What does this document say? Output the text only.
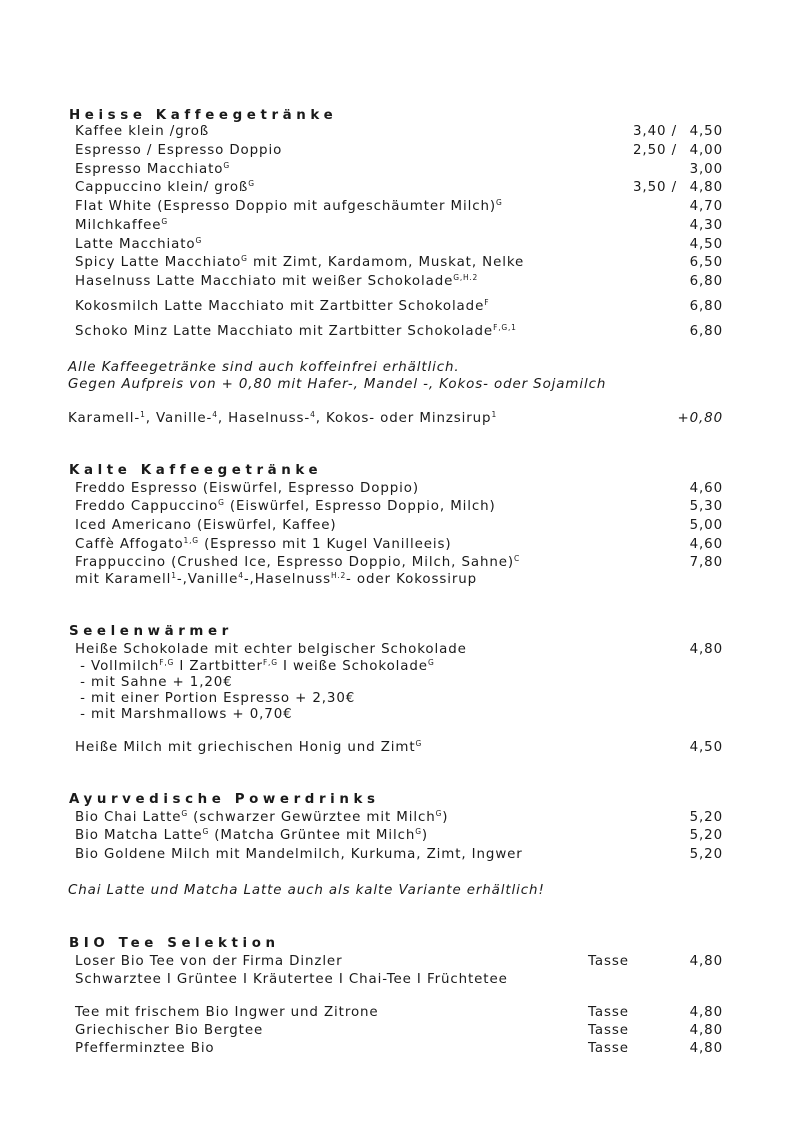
Heisse Kaffeegetränke
Kaffee klein /groß	3,40 / 4,50
Espresso / Espresso Doppio	2,50 / 4,00
Espresso Macchiato$^G$	3,00
Cappuccino klein/ groß$^G$	3,50 / 4,80
Flat White (Espresso Doppio mit aufgeschäumter Milch)$^G$	4,70
Milchkaffee$^G$	4,30
Latte Macchiato$^G$	4,50
Spicy Latte Macchiato$^G$ mit Zimt, Kardamom, Muskat, Nelke	6,50
Haselnuss Latte Macchiato mit weißer Schokolade$^{G,H.2}$	6,80
Kokosmilch Latte Macchiato mit Zartbitter Schokolade$^F$	6,80
Schoko Minz Latte Macchiato mit Zartbitter Schokolade$^{F,G,1}$	6,80
Alle Kaffeegetränke sind auch koffeinfrei erhältlich.
Gegen Aufpreis von + 0,80 mit Hafer-, Mandel -, Kokos- oder Sojamilch
Karamell-$^1$, Vanille-$^4$, Haselnuss-$^4$, Kokos- oder Minzsirup$^1$	+0,80
Kalte Kaffeegetränke
Freddo Espresso (Eiswürfel, Espresso Doppio)	4,60
Freddo Cappuccino$^G$ (Eiswürfel, Espresso Doppio, Milch)	5,30
Iced Americano (Eiswürfel, Kaffee)	5,00
Caffè Affogato$^{1,G}$ (Espresso mit 1 Kugel Vanilleeis)	4,60
Frappuccino (Crushed Ice, Espresso Doppio, Milch, Sahne)$^C$	7,80
mit Karamell$^1$-,Vanille$^4$-,Haselnuss$^{H.2}$- oder Kokossirup
Seelenwärmer
Heiße Schokolade mit echter belgischer Schokolade	4,80
- Vollmilch$^{F,G}$ I Zartbitter$^{F,G}$ I weiße Schokolade$^G$
- mit Sahne + 1,20€
- mit einer Portion Espresso + 2,30€
- mit Marshmallows + 0,70€
Heiße Milch mit griechischen Honig und Zimt$^G$	4,50
Ayurvedische Powerdrinks
Bio Chai Latte$^G$ (schwarzer Gewürztee mit Milch$^G$)	5,20
Bio Matcha Latte$^G$ (Matcha Grüntee mit Milch$^G$)	5,20
Bio Goldene Milch mit Mandelmilch, Kurkuma, Zimt, Ingwer	5,20
Chai Latte und Matcha Latte auch als kalte Variante erhältlich!
BIO Tee Selektion
Loser Bio Tee von der Firma Dinzler	Tasse	4,80
Schwarztee I Grüntee I Kräutertee I Chai-Tee I Früchtetee
Tee mit frischem Bio Ingwer und Zitrone	Tasse	4,80
Griechischer Bio Bergtee	Tasse	4,80
Pfefferminztee Bio	Tasse	4,80
